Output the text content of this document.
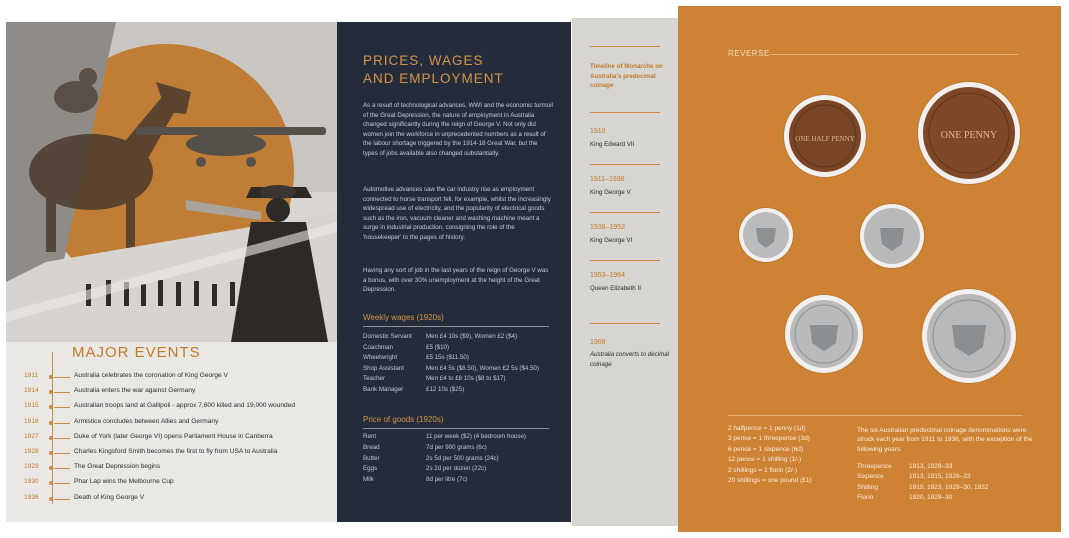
MAJOR EVENTS
1911	Australia celebrates the coronation of King George V
1914	Australia enters the war against Germany
1915	Australian troops land at Gallipoli - approx 7,600 killed and 19,000 wounded
1918	Armistice concludes between Allies and Germany
1927	Duke of York (later George VI) opens Parliament House in Canberra
1928	Charles Kingsford Smith becomes the first to fly from USA to Australia
1929	The Great Depression begins
1930	Phar Lap wins the Melbourne Cup
1936	Death of King George V
PRICES, WAGES
AND EMPLOYMENT
As a result of technological advances, WWI and the economic turmoil of the Great Depression, the nature of employment in Australia changed significantly during the reign of George V. Not only did women join the workforce in unprecedented numbers as a result of the labour shortage triggered by the 1914-18 Great War, but the types of jobs available also changed substantially.
Automotive advances saw the car industry rise as employment connected to horse transport fell, for example, whilst the increasingly widespread use of electricity, and the popularity of electrical goods such as the iron, vacuum cleaner and washing machine meant a surge in industrial production, consigning the role of the 'housekeeper' to the pages of history.
Having any sort of job in the last years of the reign of George V was a bonus, with over 30% unemployment at the height of the Great Depression.
Weekly wages (1920s)
Domestic Servant Men £4 10s ($9), Women £2 ($4)
Coachman	£5 ($10)
Wheelwright	£5 15s ($11.50)
Shop Assistant	Men £4 5s ($8.50), Women £2 5s ($4.50)
Teacher	Men £4 to £8 10s ($8 to $17)
Bank Manager	£12 10s ($25)
Price of goods (1920s)
Rent	11 per week ($2) (4 bedroom house)
Bread	7d per 900 grams (6c)
Butter	2s 5d per 500 grams (24c)
Eggs	2s 2d per dozen (22c)
Milk	8d per litre (7c)
Timeline of Monarchs on Australia's predecimal coinage
1910
King Edward VII
1911–1936
King George V
1938–1952
King George VI
1953–1964
Queen Elizabeth II
1966
Australia converts to decimal coinage
REVERSE
ONE HALF PENNY	ONE PENNY
2 halfpence = 1 penny (1d)
3 pence = 1 threepence (3d)
6 pence = 1 sixpence (6d)
12 pence = 1 shilling (1/-)
2 shillings = 1 florin (2/-)
20 shillings = one pound (£1)
The six Australian predecimal coinage denominations were struck each year from 1911 to 1936, with the exception of the following years:
Threepence	1913, 1929–33
Sixpence	1913, 1915, 1926–33
Shilling	1919, 1923, 1929–30, 1932
Florin	1920, 1929–30
